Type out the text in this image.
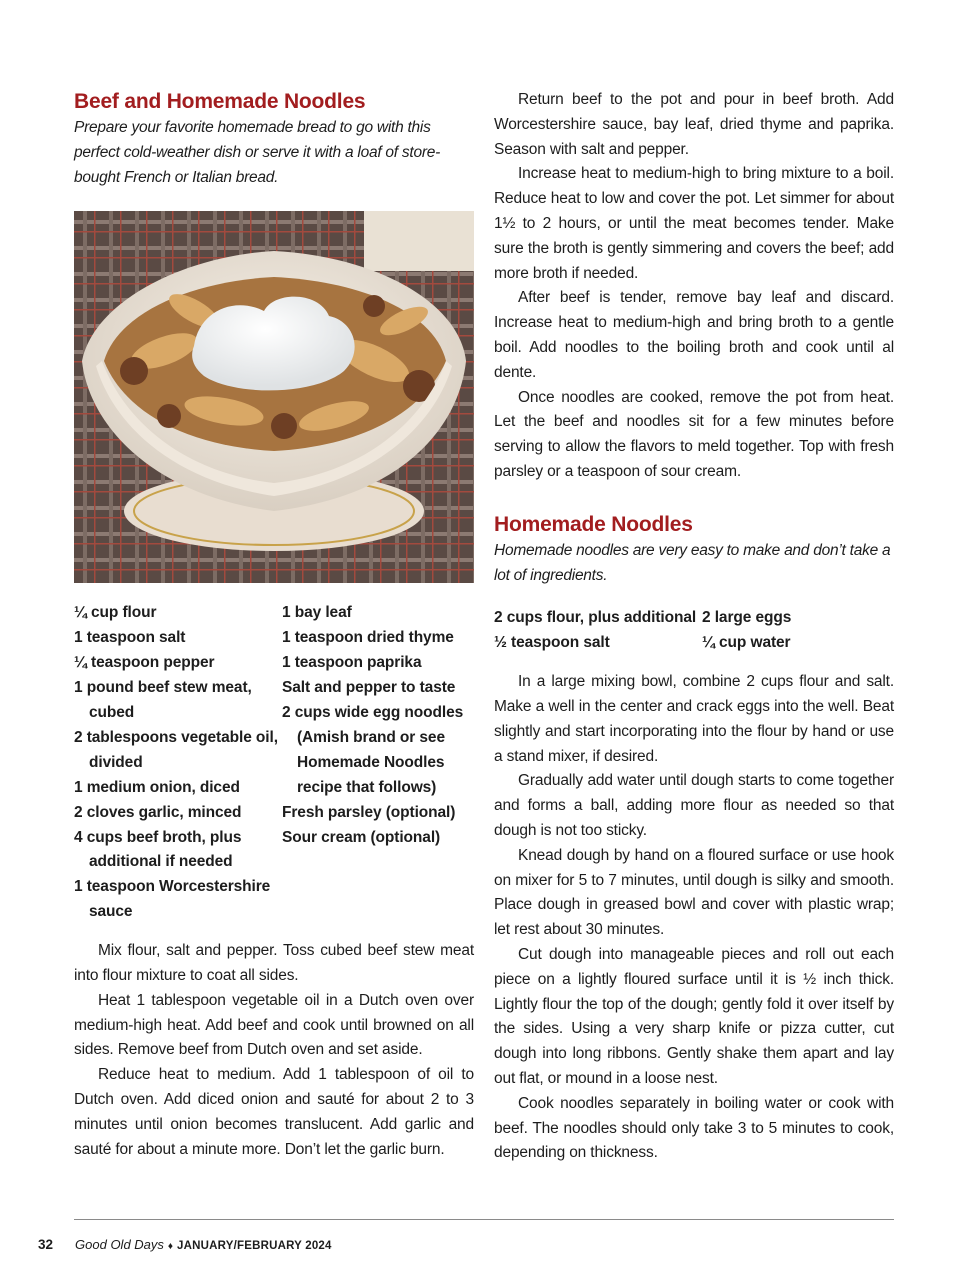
Beef and Homemade Noodles

Prepare your favorite homemade bread to go with this perfect cold-weather dish or serve it with a loaf of store-bought French or Italian bread.

¼ cup flour
1 teaspoon salt
¼ teaspoon pepper
1 pound beef stew meat, cubed
2 tablespoons vegetable oil, divided
1 medium onion, diced
2 cloves garlic, minced
4 cups beef broth, plus additional if needed
1 teaspoon Worcestershire sauce
1 bay leaf
1 teaspoon dried thyme
1 teaspoon paprika
Salt and pepper to taste
2 cups wide egg noodles (Amish brand or see Homemade Noodles recipe that follows)
Fresh parsley (optional)
Sour cream (optional)

Mix flour, salt and pepper. Toss cubed beef stew meat into flour mixture to coat all sides.

Heat 1 tablespoon vegetable oil in a Dutch oven over medium-high heat. Add beef and cook until browned on all sides. Remove beef from Dutch oven and set aside.

Reduce heat to medium. Add 1 tablespoon of oil to Dutch oven. Add diced onion and sauté for about 2 to 3 minutes until onion becomes translucent. Add garlic and sauté for about a minute more. Don’t let the garlic burn.

Return beef to the pot and pour in beef broth. Add Worcestershire sauce, bay leaf, dried thyme and paprika. Season with salt and pepper.

Increase heat to medium-high to bring mixture to a boil. Reduce heat to low and cover the pot. Let simmer for about 1½ to 2 hours, or until the meat becomes tender. Make sure the broth is gently simmering and covers the beef; add more broth if needed.

After beef is tender, remove bay leaf and discard. Increase heat to medium-high and bring broth to a gentle boil. Add noodles to the boiling broth and cook until al dente.

Once noodles are cooked, remove the pot from heat. Let the beef and noodles sit for a few minutes before serving to allow the flavors to meld together. Top with fresh parsley or a teaspoon of sour cream.

Homemade Noodles

Homemade noodles are very easy to make and don’t take a lot of ingredients.

2 cups flour, plus additional
½ teaspoon salt
2 large eggs
¼ cup water

In a large mixing bowl, combine 2 cups flour and salt. Make a well in the center and crack eggs into the well. Beat slightly and start incorporating into the flour by hand or use a stand mixer, if desired.

Gradually add water until dough starts to come together and forms a ball, adding more flour as needed so that dough is not too sticky.

Knead dough by hand on a floured surface or use hook on mixer for 5 to 7 minutes, until dough is silky and smooth. Place dough in greased bowl and cover with plastic wrap; let rest about 30 minutes.

Cut dough into manageable pieces and roll out each piece on a lightly floured surface until it is ½ inch thick. Lightly flour the top of the dough; gently fold it over itself by the sides. Using a very sharp knife or pizza cutter, cut dough into long ribbons. Gently shake them apart and lay out flat, or mound in a loose nest.

Cook noodles separately in boiling water or cook with beef. The noodles should only take 3 to 5 minutes to cook, depending on thickness.

32 Good Old Days ♦ JANUARY/FEBRUARY 2024
